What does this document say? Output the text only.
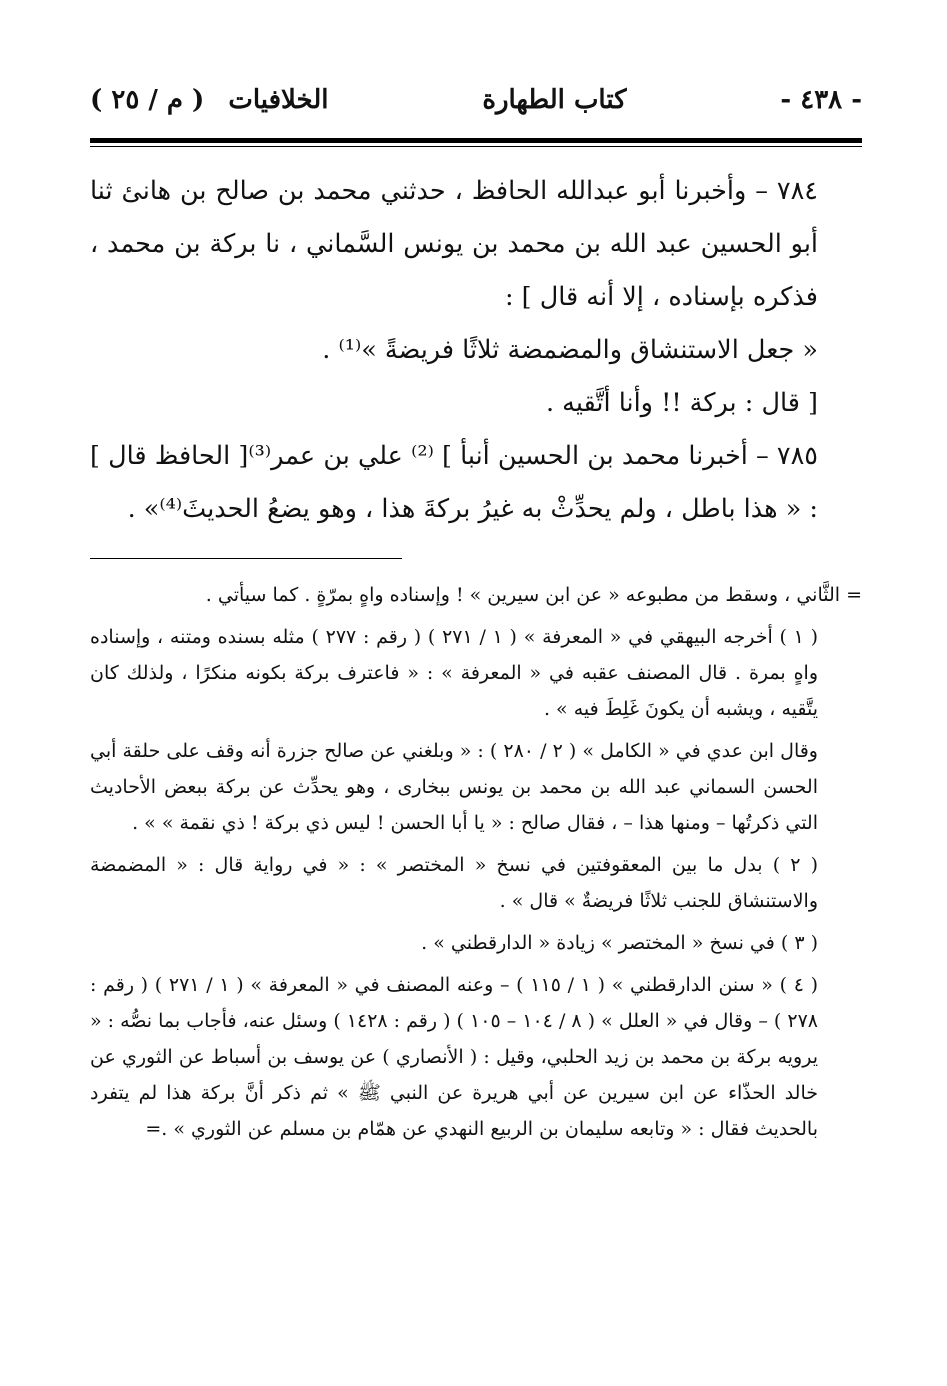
- ٤٣٨ -
كتاب الطهارة
الخلافيات
( م / ٢٥ )

٧٨٤ – وأخبرنا أبو عبدالله الحافظ ، حدثني محمد بن صالح بن هانئ ثنا أبو الحسين عبد الله بن محمد بن يونس السَّماني ، نا بركة بن محمد ، فذكره بإسناده ، إلا أنه قال ] :

« جعل الاستنشاق والمضمضة ثلاثًا فريضةً »⁽¹⁾ .

[ قال : بركة !! وأنا أتَّقيه .

٧٨٥ – أخبرنا محمد بن الحسين أنبأ ] ⁽²⁾ علي بن عمر⁽³⁾[ الحافظ قال ] : « هذا باطل ، ولم يحدِّثْ به غيرُ بركةَ هذا ، وهو يضعُ الحديثَ⁽⁴⁾» .

= الثَّاني ، وسقط من مطبوعه « عن ابن سيرين » ! وإسناده واهٍ بمرّةٍ . كما سيأتي .

( ١ ) أخرجه البيهقي في « المعرفة » ( ١ / ٢٧١ ) ( رقم : ٢٧٧ ) مثله بسنده ومتنه ، وإسناده واهٍ بمرة . قال المصنف عقبه في « المعرفة » : « فاعترف بركة بكونه منكرًا ، ولذلك كان يتَّقيه ، ويشبه أن يكونَ غَلِطَ فيه » .

وقال ابن عدي في « الكامل » ( ٢ / ٢٨٠ ) : « وبلغني عن صالح جزرة أنه وقف على حلقة أبي الحسن السماني عبد الله بن محمد بن يونس ببخارى ، وهو يحدِّث عن بركة ببعض الأحاديث التي ذكرتُها – ومنها هذا – ، فقال صالح : « يا أبا الحسن ! ليس ذي بركة ! ذي نقمة » » .

( ٢ ) بدل ما بين المعقوفتين في نسخ « المختصر » : « في رواية قال : « المضمضة والاستنشاق للجنب ثلاثًا فريضةٌ » قال » .

( ٣ ) في نسخ « المختصر » زيادة « الدارقطني » .

( ٤ ) « سنن الدارقطني » ( ١ / ١١٥ ) – وعنه المصنف في « المعرفة » ( ١ / ٢٧١ ) ( رقم : ٢٧٨ ) – وقال في « العلل » ( ٨ / ١٠٤ – ١٠٥ ) ( رقم : ١٤٢٨ ) وسئل عنه، فأجاب بما نصُّه : « يرويه بركة بن محمد بن زيد الحلبي، وقيل : ( الأنصاري ) عن يوسف بن أسباط عن الثوري عن خالد الحذّاء عن ابن سيرين عن أبي هريرة عن النبي ﷺ » ثم ذكر أنَّ بركة هذا لم يتفرد بالحديث فقال : « وتابعه سليمان بن الربيع النهدي عن همّام بن مسلم عن الثوري » .=
